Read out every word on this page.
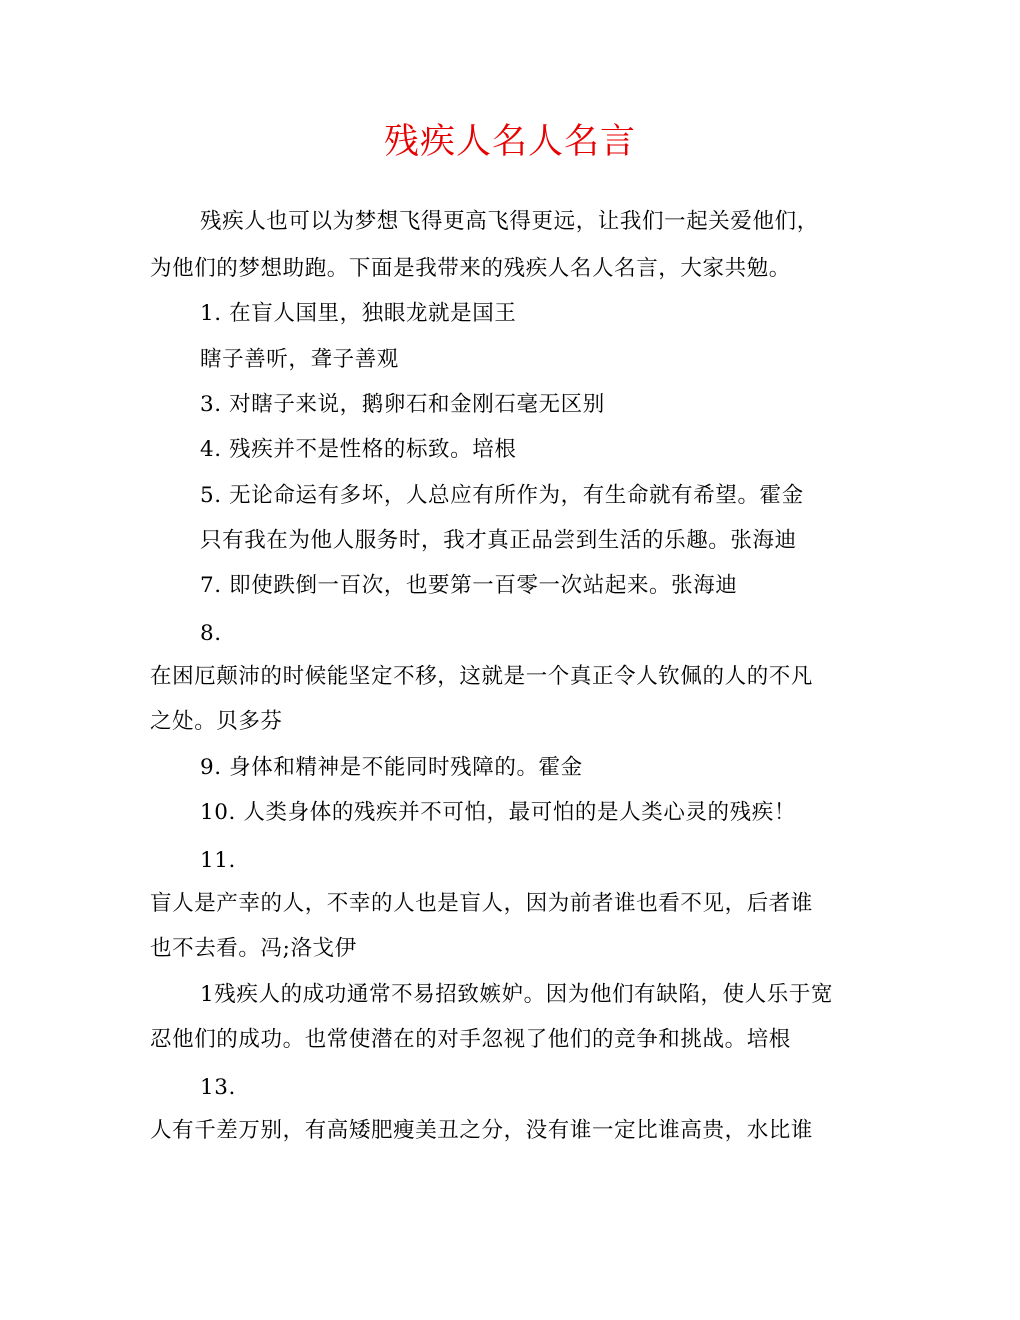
残疾人名人名言
残疾人也可以为梦想飞得更高飞得更远，让我们一起关爱他们，
为他们的梦想助跑。下面是我带来的残疾人名人名言，大家共勉。
1. 在盲人国里，独眼龙就是国王
瞎子善听，聋子善观
3. 对瞎子来说，鹅卵石和金刚石毫无区别
4. 残疾并不是性格的标致。培根
5. 无论命运有多坏，人总应有所作为，有生命就有希望。霍金
只有我在为他人服务时，我才真正品尝到生活的乐趣。张海迪
7. 即使跌倒一百次，也要第一百零一次站起来。张海迪
8.
在困厄颠沛的时候能坚定不移，这就是一个真正令人钦佩的人的不凡
之处。贝多芬
9. 身体和精神是不能同时残障的。霍金
10. 人类身体的残疾并不可怕，最可怕的是人类心灵的残疾！
11.
盲人是产幸的人，不幸的人也是盲人，因为前者谁也看不见，后者谁
也不去看。冯;洛戈伊
1残疾人的成功通常不易招致嫉妒。因为他们有缺陷，使人乐于宽
忍他们的成功。也常使潜在的对手忽视了他们的竞争和挑战。培根
13.
人有千差万别，有高矮肥瘦美丑之分，没有谁一定比谁高贵，水比谁
